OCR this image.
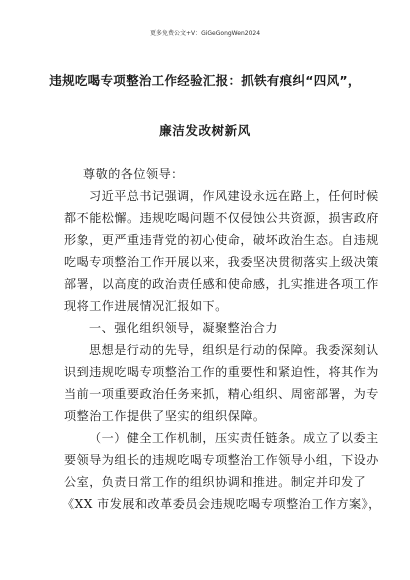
更多免费公文+V：GiGeGongWen2024
违规吃喝专项整治工作经验汇报：抓铁有痕纠“四风”，
廉洁发改树新风
尊敬的各位领导：
习近平总书记强调，作风建设永远在路上，任何时候
都不能松懈。违规吃喝问题不仅侵蚀公共资源，损害政府
形象，更严重违背党的初心使命，破坏政治生态。自违规
吃喝专项整治工作开展以来，我委坚决贯彻落实上级决策
部署，以高度的政治责任感和使命感，扎实推进各项工作
现将工作进展情况汇报如下。
一、强化组织领导，凝聚整治合力
思想是行动的先导，组织是行动的保障。我委深刻认
识到违规吃喝专项整治工作的重要性和紧迫性，将其作为
当前一项重要政治任务来抓，精心组织、周密部署，为专
项整治工作提供了坚实的组织保障。
（一）健全工作机制，压实责任链条。成立了以委主
要领导为组长的违规吃喝专项整治工作领导小组，下设办
公室，负责日常工作的组织协调和推进。制定并印发了
《XX 市发展和改革委员会违规吃喝专项整治工作方案》，
